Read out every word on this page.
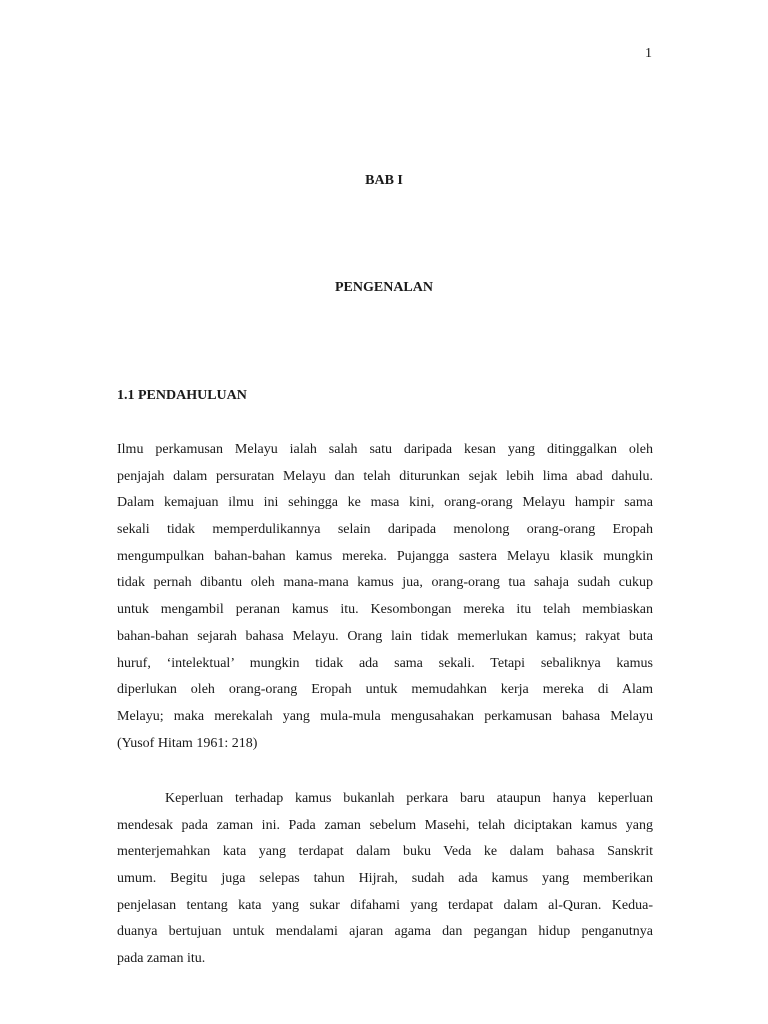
1
BAB I
PENGENALAN
1.1 PENDAHULUAN
Ilmu perkamusan Melayu ialah salah satu daripada kesan yang ditinggalkan oleh
penjajah dalam persuratan Melayu dan telah diturunkan sejak lebih lima abad dahulu.
Dalam kemajuan ilmu ini sehingga ke masa kini, orang-orang Melayu hampir sama
sekali tidak memperdulikannya selain daripada menolong orang-orang Eropah
mengumpulkan bahan-bahan kamus mereka. Pujangga sastera Melayu klasik mungkin
tidak pernah dibantu oleh mana-mana kamus jua, orang-orang tua sahaja sudah cukup
untuk mengambil peranan kamus itu. Kesombongan mereka itu telah membiaskan
bahan-bahan sejarah bahasa Melayu. Orang lain tidak memerlukan kamus; rakyat buta
huruf, ‘intelektual’ mungkin tidak ada sama sekali. Tetapi sebaliknya kamus
diperlukan oleh orang-orang Eropah untuk memudahkan kerja mereka di Alam
Melayu; maka merekalah yang mula-mula mengusahakan perkamusan bahasa Melayu
(Yusof Hitam 1961: 218)
Keperluan terhadap kamus bukanlah perkara baru ataupun hanya keperluan
mendesak pada zaman ini. Pada zaman sebelum Masehi, telah diciptakan kamus yang
menterjemahkan kata yang terdapat dalam buku Veda ke dalam bahasa Sanskrit
umum. Begitu juga selepas tahun Hijrah, sudah ada kamus yang memberikan
penjelasan tentang kata yang sukar difahami yang terdapat dalam al-Quran. Kedua-
duanya bertujuan untuk mendalami ajaran agama dan pegangan hidup penganutnya
pada zaman itu.
